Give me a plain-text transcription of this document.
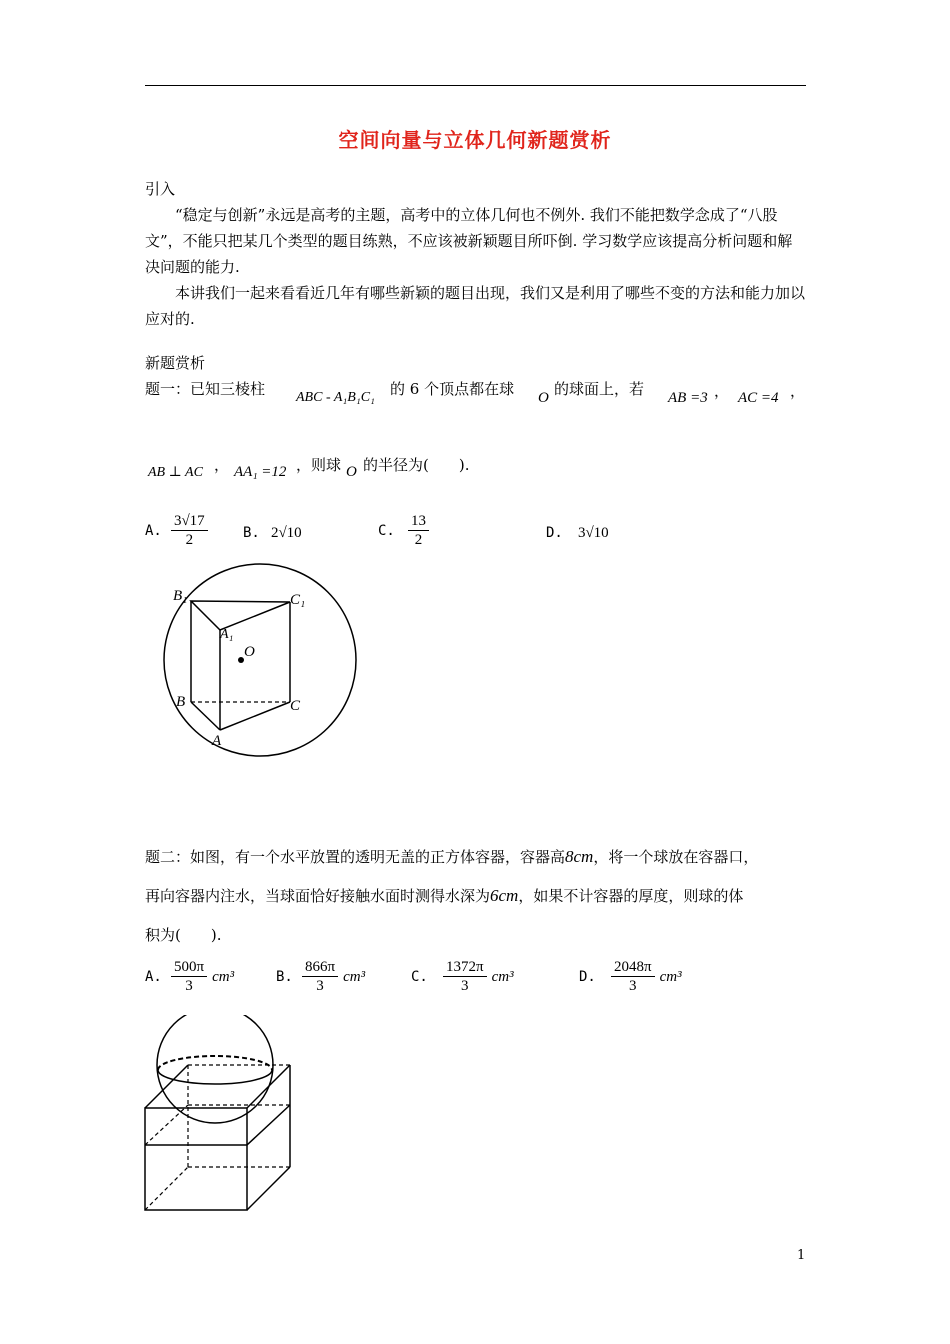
空间向量与立体几何新题赏析
引入
“稳定与创新”永远是高考的主题，高考中的立体几何也不例外. 我们不能把数学念成了“八股文”，不能只把某几个类型的题目练熟，不应该被新颖题目所吓倒. 学习数学应该提高分析问题和解决问题的能力.
本讲我们一起来看看近几年有哪些新颖的题目出现，我们又是利用了哪些不变的方法和能力加以应对的.
新题赏析
题一：已知三棱柱 ABC - A₁B₁C₁ 的 6 个顶点都在球 O 的球面上，若 AB =3 ， AC =4 ，
AB ⊥ AC ， AA₁ =12 ，则球 O 的半径为(　　).
A. $\frac{3√17}{2}$	B. 2√10	C. $\frac{13}{2}$	D. 3√10
B₁	C₁
A₁
O
B	C
A
题二：如图，有一个水平放置的透明无盖的正方体容器，容器高8cm，将一个球放在容器口，
再向容器内注水，当球面恰好接触水面时测得水深为6cm，如果不计容器的厚度，则球的体
积为(　　).
A. $\frac{500\pi}{3} cm^3$	B. $\frac{866\pi}{3} cm^3$	C. $\frac{1372\pi}{3} cm^3$	D. $\frac{2048\pi}{3} cm^3$
1
